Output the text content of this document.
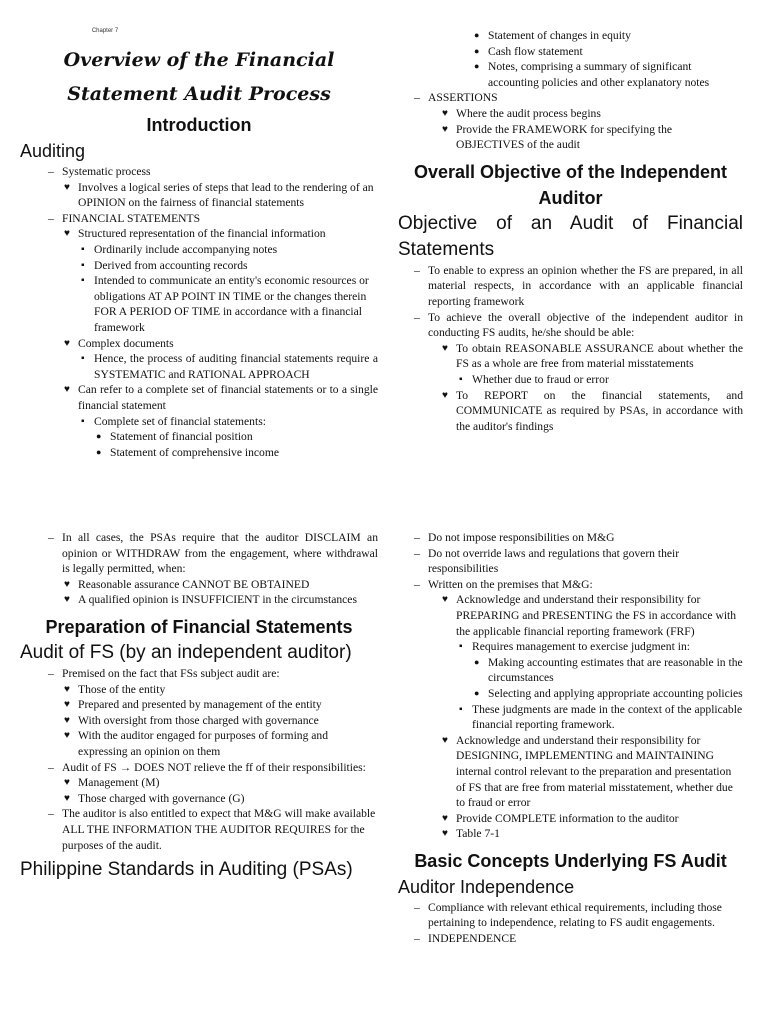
Chapter 7
Overview of the Financial
Statement Audit Process
Introduction
Auditing
– Systematic process
♥ Involves a logical series of steps that lead to the rendering of an OPINION on the fairness of financial statements
– FINANCIAL STATEMENTS
♥ Structured representation of the financial information
▪ Ordinarily include accompanying notes
▪ Derived from accounting records
▪ Intended to communicate an entity's economic resources or obligations AT AP POINT IN TIME or the changes therein FOR A PERIOD OF TIME in accordance with a financial framework
♥ Complex documents
▪ Hence, the process of auditing financial statements require a SYSTEMATIC and RATIONAL APPROACH
♥ Can refer to a complete set of financial statements or to a single financial statement
▪ Complete set of financial statements:
● Statement of financial position
● Statement of comprehensive income
● Statement of changes in equity
● Cash flow statement
● Notes, comprising a summary of significant accounting policies and other explanatory notes
– ASSERTIONS
♥ Where the audit process begins
♥ Provide the FRAMEWORK for specifying the OBJECTIVES of the audit
Overall Objective of the Independent Auditor
Objective of an Audit of Financial Statements
– To enable to express an opinion whether the FS are prepared, in all material respects, in accordance with an applicable financial reporting framework
– To achieve the overall objective of the independent auditor in conducting FS audits, he/she should be able:
♥ To obtain REASONABLE ASSURANCE about whether the FS as a whole are free from material misstatements
▪ Whether due to fraud or error
♥ To REPORT on the financial statements, and COMMUNICATE as required by PSAs, in accordance with the auditor's findings
– In all cases, the PSAs require that the auditor DISCLAIM an opinion or WITHDRAW from the engagement, where withdrawal is legally permitted, when:
♥ Reasonable assurance CANNOT BE OBTAINED
♥ A qualified opinion is INSUFFICIENT in the circumstances
Preparation of Financial Statements
Audit of FS (by an independent auditor)
– Premised on the fact that FSs subject audit are:
♥ Those of the entity
♥ Prepared and presented by management of the entity
♥ With oversight from those charged with governance
♥ With the auditor engaged for purposes of forming and expressing an opinion on them
– Audit of FS → DOES NOT relieve the ff of their responsibilities:
♥ Management (M)
♥ Those charged with governance (G)
– The auditor is also entitled to expect that M&G will make available ALL THE INFORMATION THE AUDITOR REQUIRES for the purposes of the audit.
Philippine Standards in Auditing (PSAs)
– Do not impose responsibilities on M&G
– Do not override laws and regulations that govern their responsibilities
– Written on the premises that M&G:
♥ Acknowledge and understand their responsibility for PREPARING and PRESENTING the FS in accordance with the applicable financial reporting framework (FRF)
▪ Requires management to exercise judgment in:
● Making accounting estimates that are reasonable in the circumstances
● Selecting and applying appropriate accounting policies
▪ These judgments are made in the context of the applicable financial reporting framework.
♥ Acknowledge and understand their responsibility for DESIGNING, IMPLEMENTING and MAINTAINING internal control relevant to the preparation and presentation of FS that are free from material misstatement, whether due to fraud or error
♥ Provide COMPLETE information to the auditor
♥ Table 7-1
Basic Concepts Underlying FS Audit
Auditor Independence
– Compliance with relevant ethical requirements, including those pertaining to independence, relating to FS audit engagements.
– INDEPENDENCE
